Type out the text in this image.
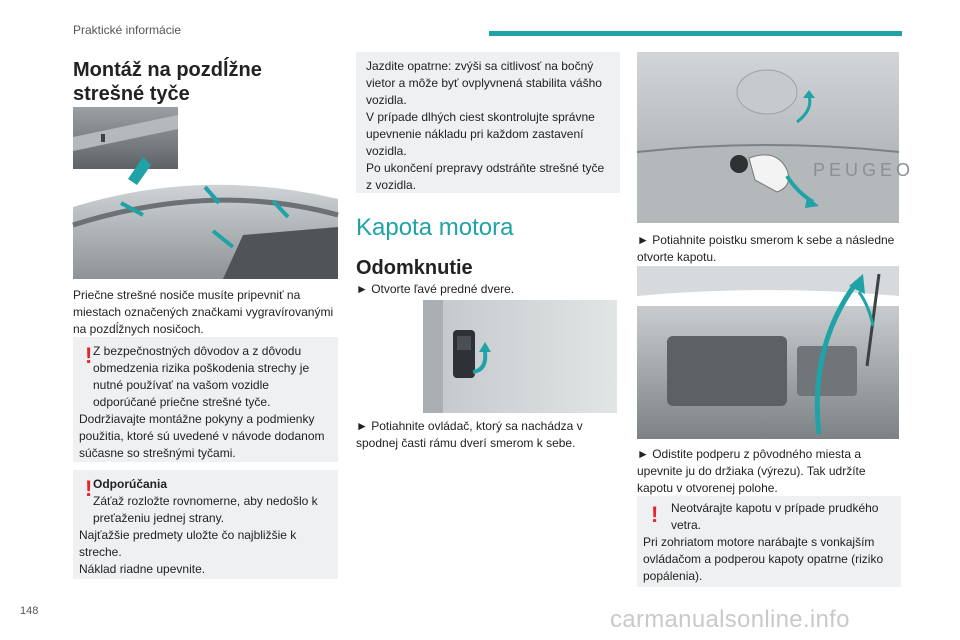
Praktické informácie
Montáž na pozdĺžne strešné tyče
Priečne strešné nosiče musíte pripevniť na miestach označených značkami vygravírovanými na pozdĺžnych nosičoch.
! Z bezpečnostných dôvodov a z dôvodu

obmedzenia rizika poškodenia strechy je nutné používať na vašom vozidle odporúčané priečne strešné tyče.

Dodržiavajte montážne pokyny a podmienky použitia, ktoré sú uvedené v návode dodanom súčasne so strešnými tyčami.

! Odporúčania

Záťaž rozložte rovnomerne, aby nedošlo k preťaženiu jednej strany.

Najťažšie predmety uložte čo najbližšie k streche.

Náklad riadne upevnite.

Jazdite opatrne: zvýši sa citlivosť na bočný vietor a môže byť ovplyvnená stabilita vášho vozidla.

V prípade dlhých ciest skontrolujte správne upevnenie nákladu pri každom zastavení vozidla.

Po ukončení prepravy odstráňte strešné tyče z vozidla.

Kapota motora
Odomknutie
► Otvorte ľavé predné dvere.
► Potiahnite ovládač, ktorý sa nachádza v spodnej časti rámu dverí smerom k sebe.
PEUGEO
► Potiahnite poistku smerom k sebe a následne otvorte kapotu.
► Odistite podperu z pôvodného miesta a upevnite ju do držiaka (výrezu). Tak udržíte kapotu v otvorenej polohe.
!	Neotvárajte kapotu v prípade prudkého

vetra.

Pri zohriatom motore narábajte s vonkajším ovládačom a podperou kapoty opatrne (riziko popálenia).

148	carmanualsonline.info
